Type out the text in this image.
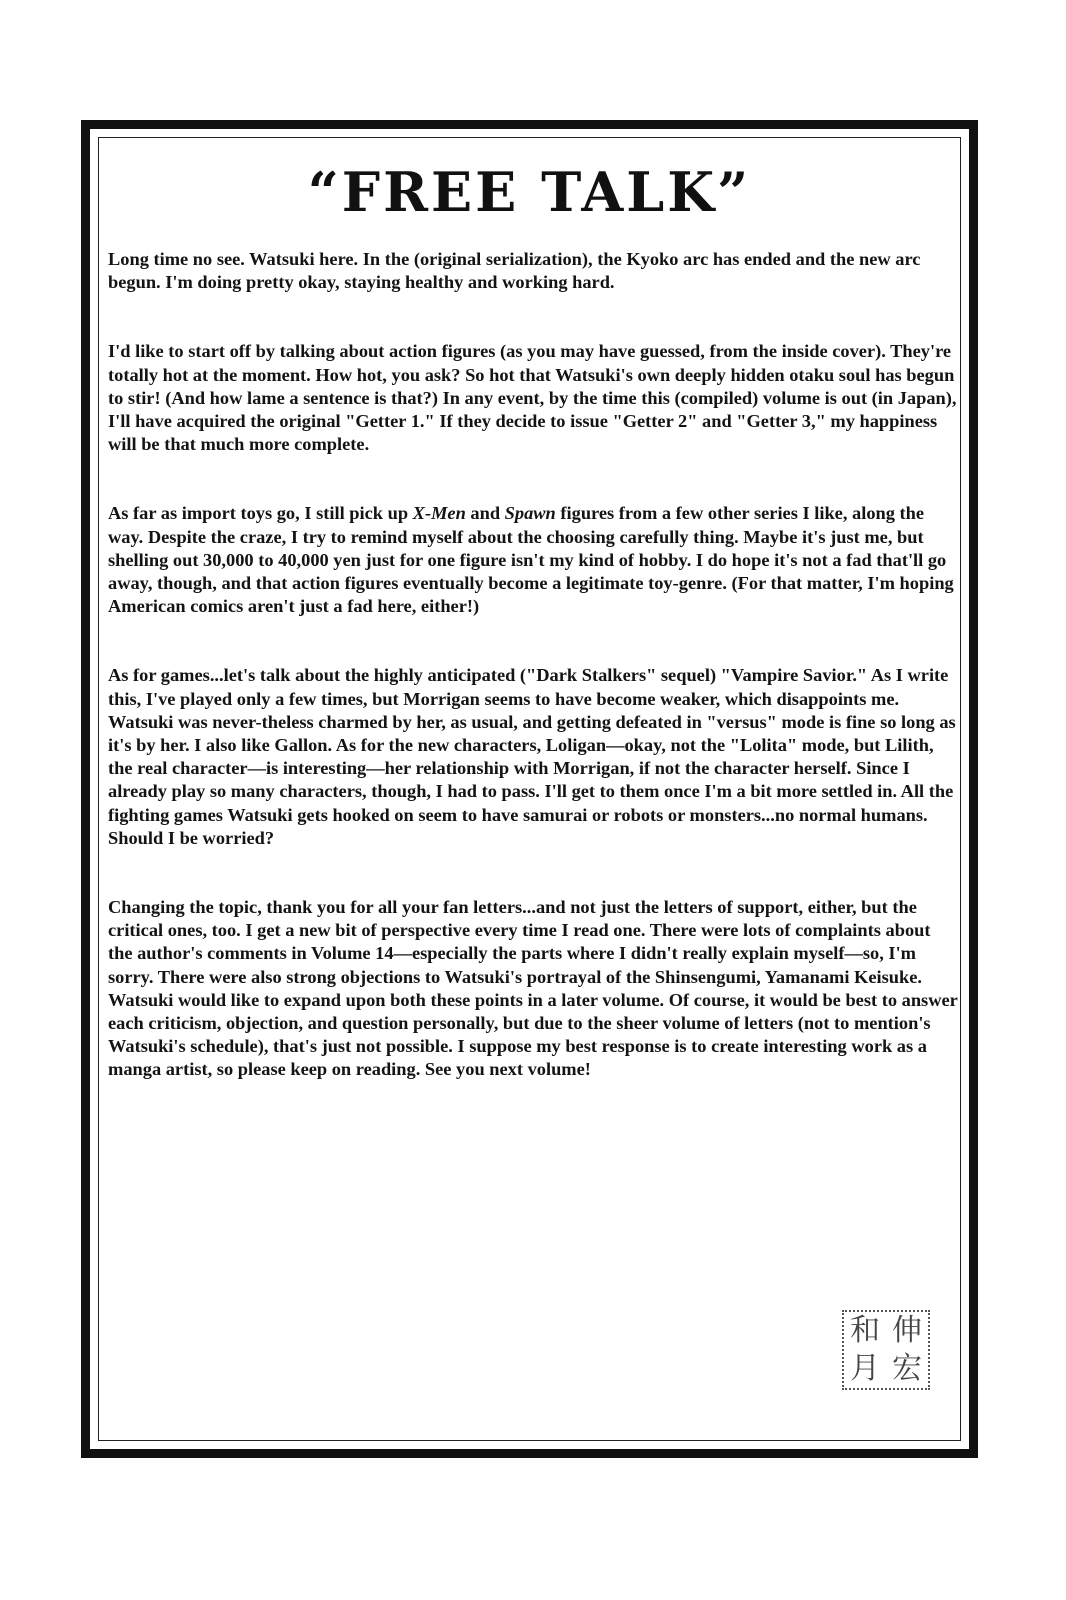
“FREE TALK”

Long time no see. Watsuki here. In the (original serialization), the Kyoko arc has ended and the new arc begun. I'm doing pretty okay, staying healthy and working hard.

I'd like to start off by talking about action figures (as you may have guessed, from the inside cover). They're totally hot at the moment. How hot, you ask? So hot that Watsuki's own deeply hidden otaku soul has begun to stir! (And how lame a sentence is that?) In any event, by the time this (compiled) volume is out (in Japan), I'll have acquired the original "Getter 1." If they decide to issue "Getter 2" and "Getter 3," my happiness will be that much more complete.

As far as import toys go, I still pick up X-Men and Spawn figures from a few other series I like, along the way. Despite the craze, I try to remind myself about the choosing carefully thing. Maybe it's just me, but shelling out 30,000 to 40,000 yen just for one figure isn't my kind of hobby. I do hope it's not a fad that'll go away, though, and that action figures eventually become a legitimate toy-genre. (For that matter, I'm hoping American comics aren't just a fad here, either!)

As for games...let's talk about the highly anticipated ("Dark Stalkers" sequel) "Vampire Savior." As I write this, I've played only a few times, but Morrigan seems to have become weaker, which disappoints me. Watsuki was never-theless charmed by her, as usual, and getting defeated in "versus" mode is fine so long as it's by her. I also like Gallon. As for the new characters, Loligan—okay, not the "Lolita" mode, but Lilith, the real character—is interesting—her relationship with Morrigan, if not the character herself. Since I already play so many characters, though, I had to pass. I'll get to them once I'm a bit more settled in. All the fighting games Watsuki gets hooked on seem to have samurai or robots or monsters...no normal humans. Should I be worried?

Changing the topic, thank you for all your fan letters...and not just the letters of support, either, but the critical ones, too. I get a new bit of perspective every time I read one. There were lots of complaints about the author's comments in Volume 14—especially the parts where I didn't really explain myself—so, I'm sorry. There were also strong objections to Watsuki's portrayal of the Shinsengumi, Yamanami Keisuke. Watsuki would like to expand upon both these points in a later volume. Of course, it would be best to answer each criticism, objection, and question personally, but due to the sheer volume of letters (not to mention's Watsuki's schedule), that's just not possible. I suppose my best response is to create interesting work as a manga artist, so please keep on reading. See you next volume!

和 伸
月 宏
